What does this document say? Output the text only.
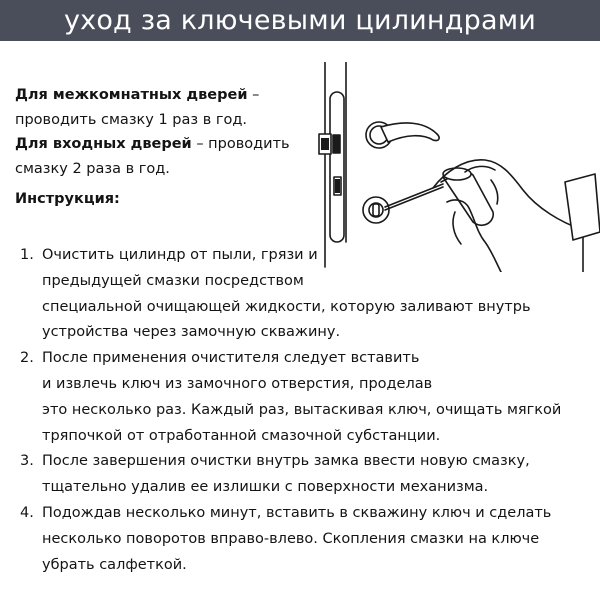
уход за ключевыми цилиндрами
Для межкомнатных дверей –
проводить смазку 1 раз в год.
Для входных дверей – проводить
смазку 2 раза в год.
Инструкция:
1. Очистить цилиндр от пыли, грязи и
предыдущей смазки посредством
специальной очищающей жидкости, которую заливают внутрь
устройства через замочную скважину.
2. После применения очистителя следует вставить
и извлечь ключ из замочного отверстия, проделав
это несколько раз. Каждый раз, вытаскивая ключ, очищать мягкой
тряпочкой от отработанной смазочной субстанции.
3. После завершения очистки внутрь замка ввести новую смазку,
тщательно удалив ее излишки с поверхности механизма.
4. Подождав несколько минут, вставить в скважину ключ и сделать
несколько поворотов вправо-влево. Скопления смазки на ключе
убрать салфеткой.
